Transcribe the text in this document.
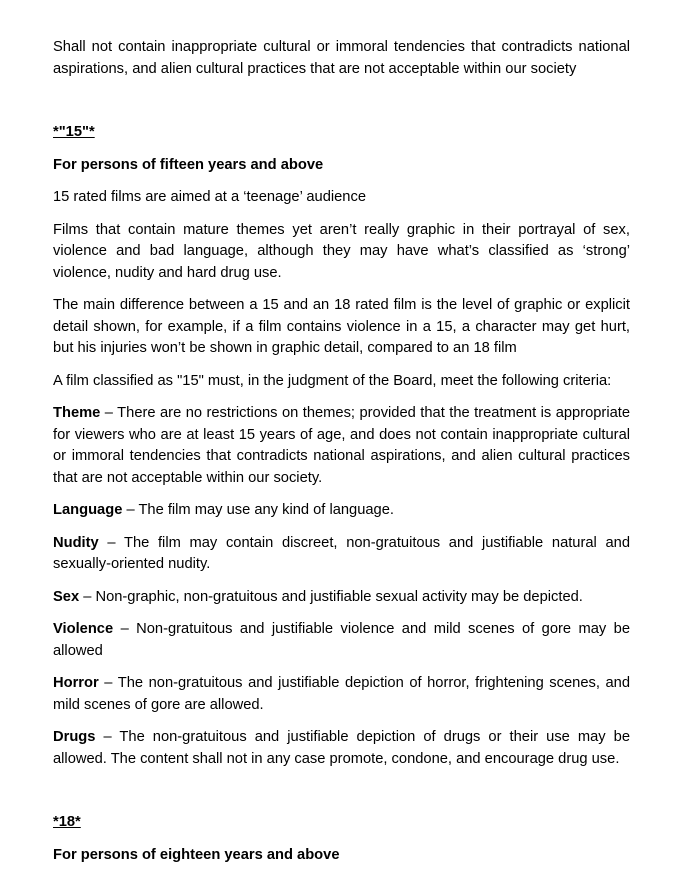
Shall not contain inappropriate cultural or immoral tendencies that contradicts national aspirations, and alien cultural practices that are not acceptable within our society

*"15"*

For persons of fifteen years and above

15 rated films are aimed at a ‘teenage’ audience

Films that contain mature themes yet aren’t really graphic in their portrayal of sex, violence and bad language, although they may have what’s classified as ‘strong’ violence, nudity and hard drug use.

The main difference between a 15 and an 18 rated film is the level of graphic or explicit detail shown, for example, if a film contains violence in a 15, a character may get hurt, but his injuries won’t be shown in graphic detail, compared to an 18 film

A film classified as "15" must, in the judgment of the Board, meet the following criteria:

Theme – There are no restrictions on themes; provided that the treatment is appropriate for viewers who are at least 15 years of age, and does not contain inappropriate cultural or immoral tendencies that contradicts national aspirations, and alien cultural practices that are not acceptable within our society.

Language – The film may use any kind of language.

Nudity – The film may contain discreet, non-gratuitous and justifiable natural and sexually-oriented nudity.

Sex – Non-graphic, non-gratuitous and justifiable sexual activity may be depicted.

Violence – Non-gratuitous and justifiable violence and mild scenes of gore may be allowed

Horror – The non-gratuitous and justifiable depiction of horror, frightening scenes, and mild scenes of gore are allowed.

Drugs – The non-gratuitous and justifiable depiction of drugs or their use may be allowed. The content shall not in any case promote, condone, and encourage drug use.

*18*

For persons of eighteen years and above
